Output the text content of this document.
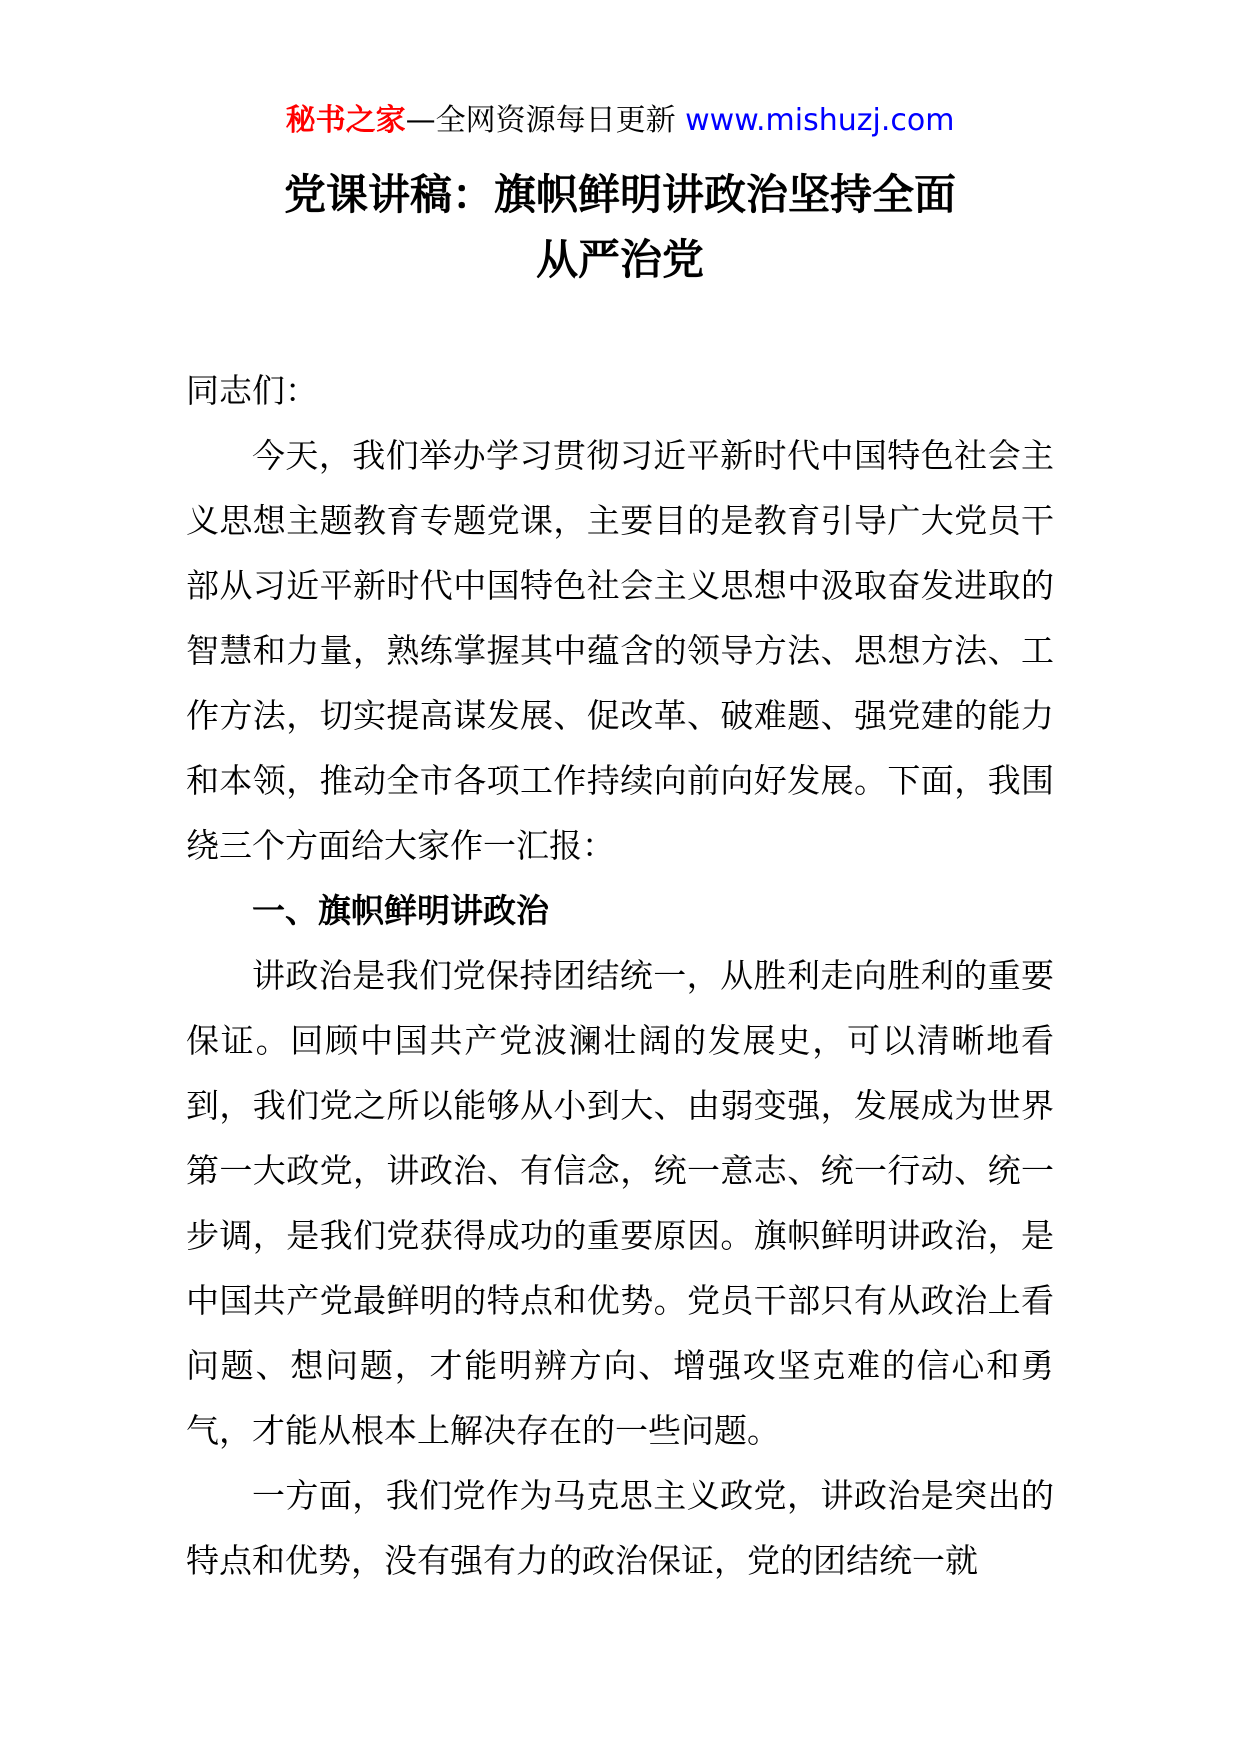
秘书之家—全网资源每日更新 www.mishuzj.com
党课讲稿：旗帜鲜明讲政治坚持全面
从严治党

同志们：

今天，我们举办学习贯彻习近平新时代中国特色社会主义思想主题教育专题党课，主要目的是教育引导广大党员干部从习近平新时代中国特色社会主义思想中汲取奋发进取的智慧和力量，熟练掌握其中蕴含的领导方法、思想方法、工作方法，切实提高谋发展、促改革、破难题、强党建的能力和本领，推动全市各项工作持续向前向好发展。下面，我围绕三个方面给大家作一汇报：

一、旗帜鲜明讲政治

讲政治是我们党保持团结统一，从胜利走向胜利的重要保证。回顾中国共产党波澜壮阔的发展史，可以清晰地看到，我们党之所以能够从小到大、由弱变强，发展成为世界第一大政党，讲政治、有信念，统一意志、统一行动、统一步调，是我们党获得成功的重要原因。旗帜鲜明讲政治，是中国共产党最鲜明的特点和优势。党员干部只有从政治上看问题、想问题，才能明辨方向、增强攻坚克难的信心和勇气，才能从根本上解决存在的一些问题。

一方面，我们党作为马克思主义政党，讲政治是突出的特点和优势，没有强有力的政治保证，党的团结统一就
